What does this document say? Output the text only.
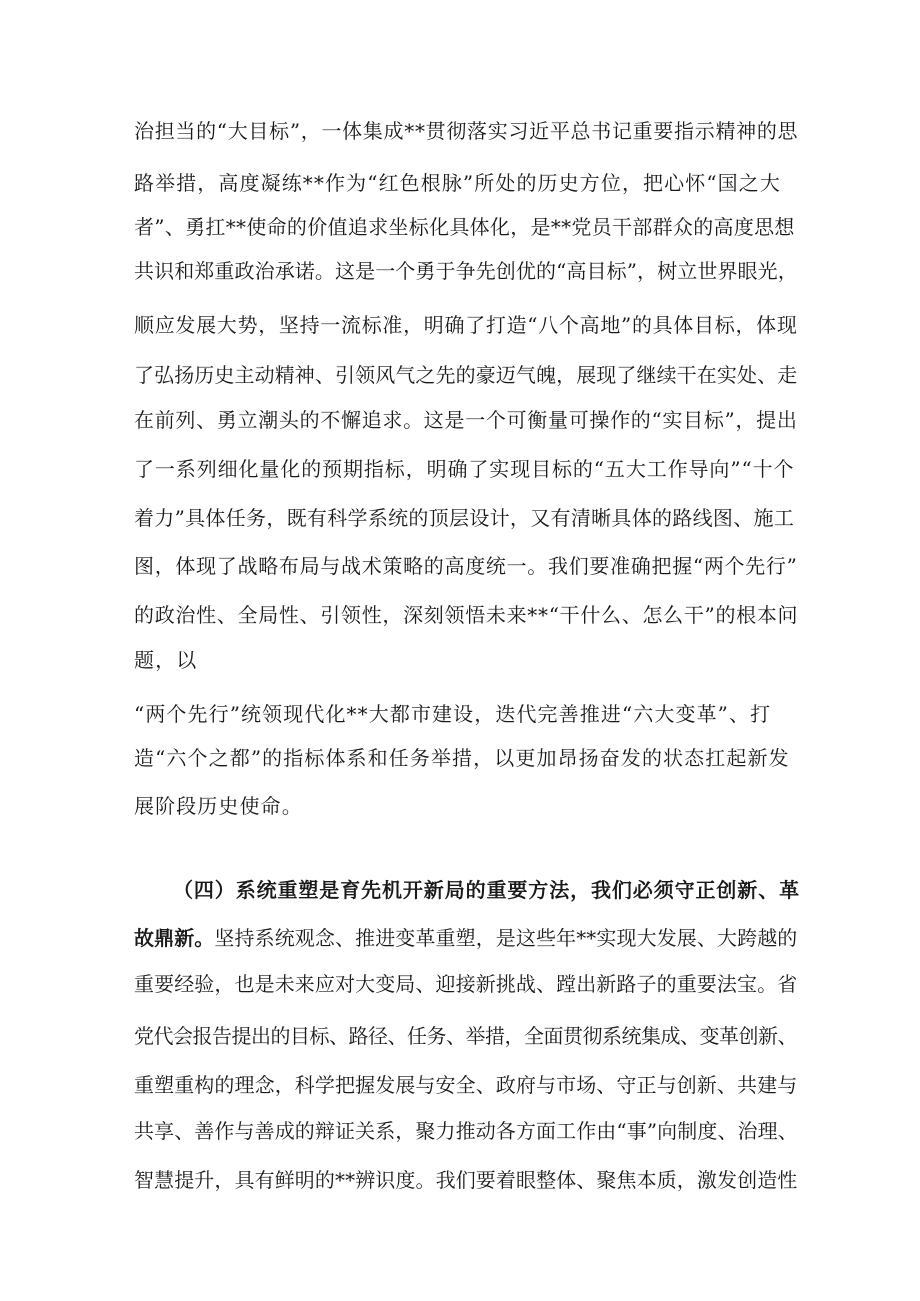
治担当的“大目标”，一体集成**贯彻落实习近平总书记重要指示精神的思
路举措，高度凝练**作为“红色根脉”所处的历史方位，把心怀“国之大
者”、勇扛**使命的价值追求坐标化具体化，是**党员干部群众的高度思想
共识和郑重政治承诺。这是一个勇于争先创优的“高目标”，树立世界眼光，
顺应发展大势，坚持一流标准，明确了打造“八个高地”的具体目标，体现
了弘扬历史主动精神、引领风气之先的豪迈气魄，展现了继续干在实处、走
在前列、勇立潮头的不懈追求。这是一个可衡量可操作的“实目标”，提出
了一系列细化量化的预期指标，明确了实现目标的“五大工作导向”“十个
着力”具体任务，既有科学系统的顶层设计，又有清晰具体的路线图、施工
图，体现了战略布局与战术策略的高度统一。我们要准确把握“两个先行”
的政治性、全局性、引领性，深刻领悟未来**“干什么、怎么干”的根本问
题，以
“两个先行”统领现代化**大都市建设，迭代完善推进“六大变革”、打
造“六个之都”的指标体系和任务举措，以更加昂扬奋发的状态扛起新发
展阶段历史使命。
（四）系统重塑是育先机开新局的重要方法，我们必须守正创新、革
故鼎新。坚持系统观念、推进变革重塑，是这些年**实现大发展、大跨越的
重要经验，也是未来应对大变局、迎接新挑战、蹚出新路子的重要法宝。省
党代会报告提出的目标、路径、任务、举措，全面贯彻系统集成、变革创新、
重塑重构的理念，科学把握发展与安全、政府与市场、守正与创新、共建与
共享、善作与善成的辩证关系，聚力推动各方面工作由“事”向制度、治理、
智慧提升，具有鲜明的**辨识度。我们要着眼整体、聚焦本质，激发创造性
